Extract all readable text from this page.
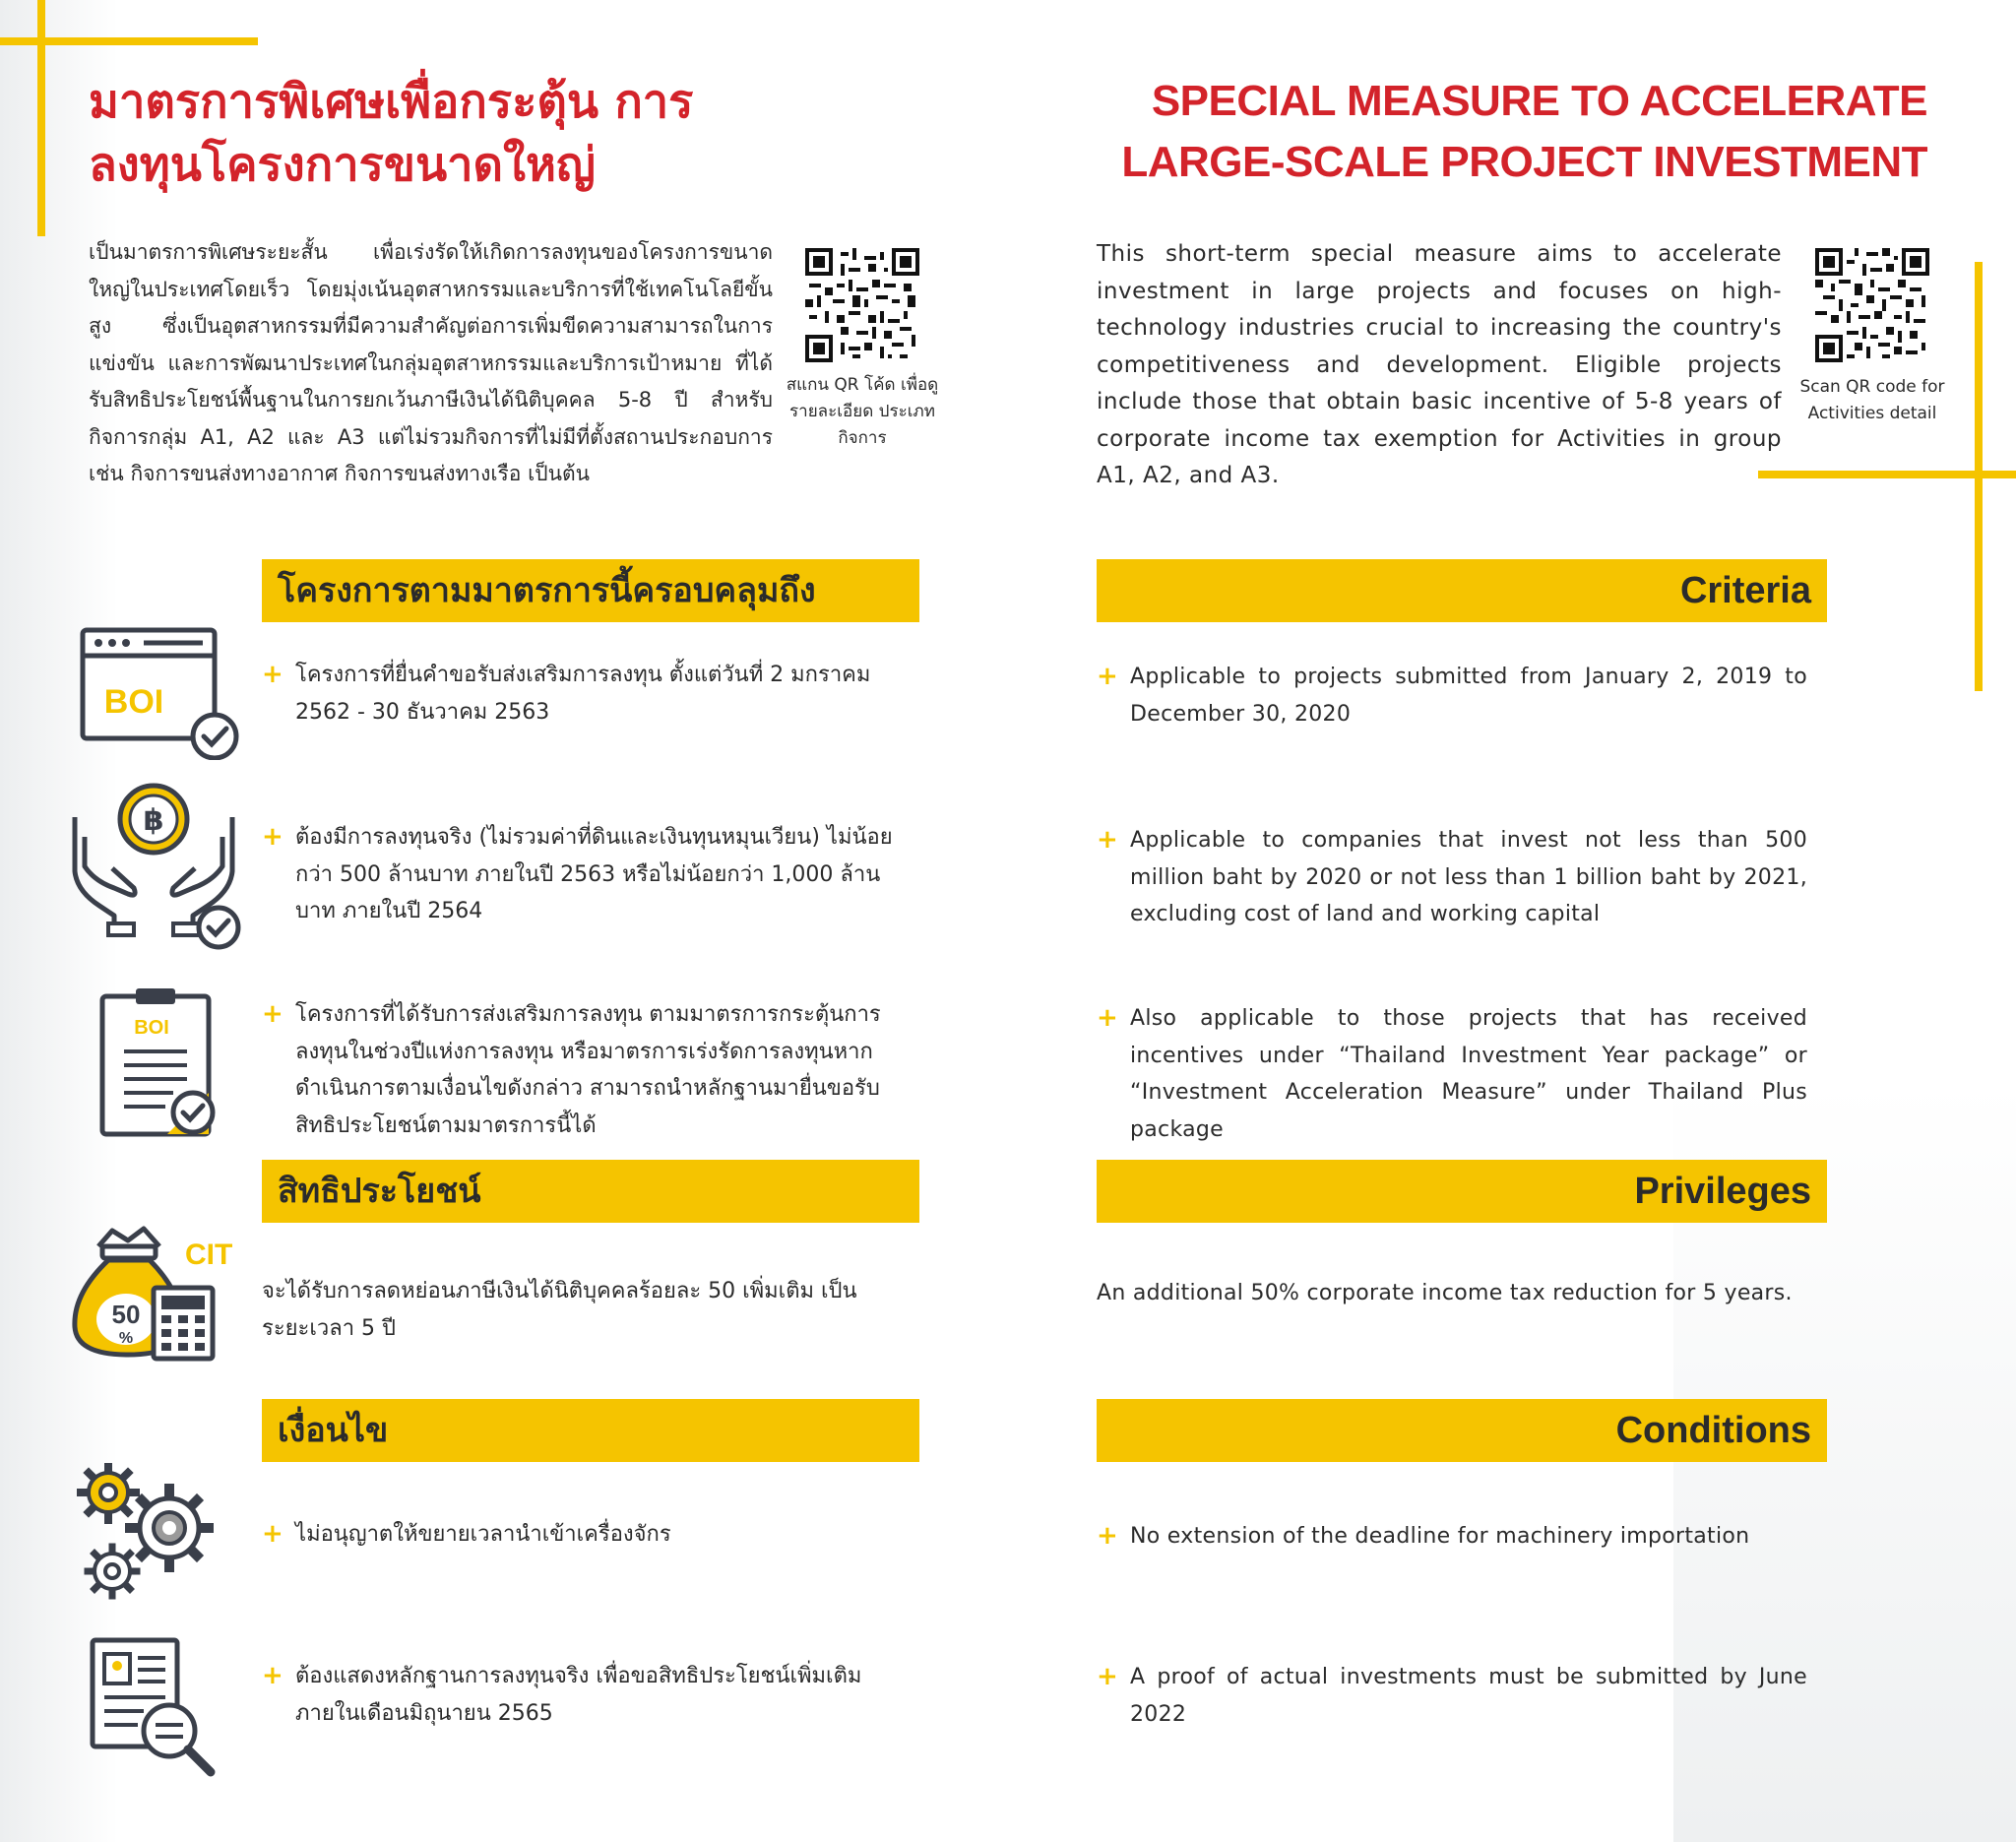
มาตรการพิเศษเพื่อกระตุ้น การลงทุนโครงการขนาดใหญ่
SPECIAL MEASURE TO ACCELERATE LARGE-SCALE PROJECT INVESTMENT
เป็นมาตรการพิเศษระยะสั้น เพื่อเร่งรัดให้เกิดการลงทุนของโครงการขนาดใหญ่ในประเทศโดยเร็ว โดยมุ่งเน้นอุตสาหกรรมและบริการที่ใช้เทคโนโลยีขั้นสูง ซึ่งเป็นอุตสาหกรรมที่มีความสำคัญต่อการเพิ่มขีดความสามารถในการแข่งขัน และการพัฒนาประเทศในกลุ่มอุตสาหกรรมและบริการเป้าหมาย ที่ได้รับสิทธิประโยชน์พื้นฐานในการยกเว้นภาษีเงินได้นิติบุคคล 5-8 ปี สำหรับกิจการกลุ่ม A1, A2 และ A3 แต่ไม่รวมกิจการที่ไม่มีที่ตั้งสถานประกอบการ เช่น กิจการขนส่งทางอากาศ กิจการขนส่งทางเรือ เป็นต้น
This short-term special measure aims to accelerate investment in large projects and focuses on high-technology industries crucial to increasing the country's competitiveness and development. Eligible projects include those that obtain basic incentive of 5-8 years of corporate income tax exemption for Activities in group A1, A2, and A3.
สแกน QR โค้ด เพื่อดูรายละเอียด ประเภทกิจการ
Scan QR code for Activities detail
โครงการตามมาตรการนี้ครอบคลุมถึง	Criteria
BOI
+ โครงการที่ยื่นคำขอรับส่งเสริมการลงทุน ตั้งแต่วันที่ 2 มกราคม 2562 - 30 ธันวาคม 2563
+ Applicable to projects submitted from January 2, 2019 to December 30, 2020
฿	+ ต้องมีการลงทุนจริง (ไม่รวมค่าที่ดินและเงินทุนหมุนเวียน) ไม่น้อยกว่า 500 ล้านบาท ภายในปี 2563 หรือไม่น้อยกว่า 1,000 ล้านบาท ภายในปี 2564
+ Applicable to companies that invest not less than 500 million baht by 2020 or not less than 1 billion baht by 2021, excluding cost of land and working capital
BOI	+ โครงการที่ได้รับการส่งเสริมการลงทุน ตามมาตรการกระตุ้นการลงทุนในช่วงปีแห่งการลงทุน หรือมาตรการเร่งรัดการลงทุนหากดำเนินการตามเงื่อนไขดังกล่าว สามารถนำหลักฐานมายื่นขอรับสิทธิประโยชน์ตามมาตรการนี้ได้
+ Also applicable to those projects that has received incentives under “Thailand Investment Year package” or “Investment Acceleration Measure” under Thailand Plus package
สิทธิประโยชน์	Privileges
50
%
CIT
จะได้รับการลดหย่อนภาษีเงินได้นิติบุคคลร้อยละ 50 เพิ่มเติม เป็นระยะเวลา 5 ปี
An additional 50% corporate income tax reduction for 5 years.
เงื่อนไข	Conditions
+ ไม่อนุญาตให้ขยายเวลานำเข้าเครื่องจักร	+ No extension of the deadline for machinery importation
+ ต้องแสดงหลักฐานการลงทุนจริง เพื่อขอสิทธิประโยชน์เพิ่มเติม ภายในเดือนมิถุนายน 2565
+ A proof of actual investments must be submitted by June 2022
